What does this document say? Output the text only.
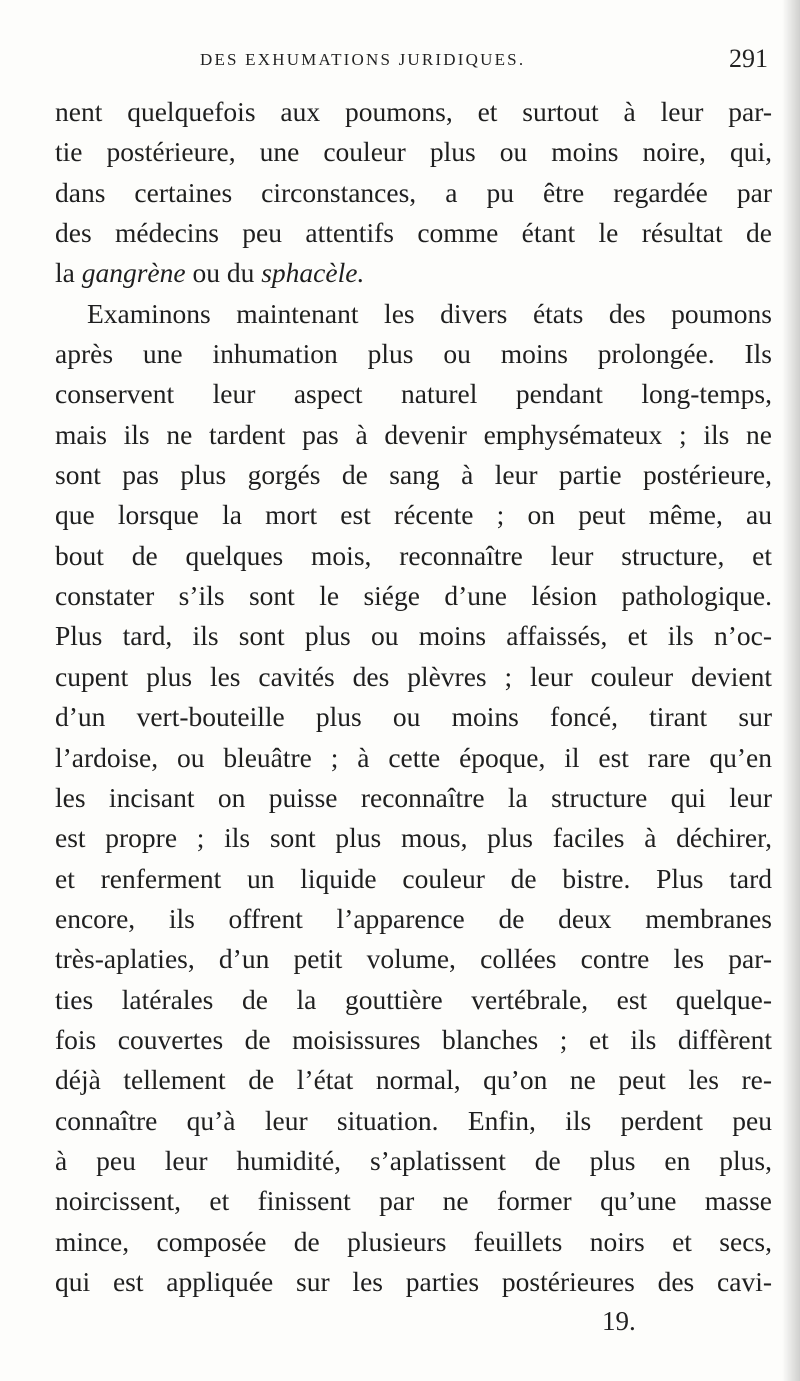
DES EXHUMATIONS JURIDIQUES.	291
nent quelquefois aux poumons, et surtout à leur par-
tie postérieure, une couleur plus ou moins noire, qui,
dans certaines circonstances, a pu être regardée par
des médecins peu attentifs comme étant le résultat de
la gangrène ou du sphacèle.
Examinons maintenant les divers états des poumons
après une inhumation plus ou moins prolongée. Ils
conservent leur aspect naturel pendant long-temps,
mais ils ne tardent pas à devenir emphysémateux ; ils ne
sont pas plus gorgés de sang à leur partie postérieure,
que lorsque la mort est récente ; on peut même, au
bout de quelques mois, reconnaître leur structure, et
constater s’ils sont le siége d’une lésion pathologique.
Plus tard, ils sont plus ou moins affaissés, et ils n’oc-
cupent plus les cavités des plèvres ; leur couleur devient
d’un vert-bouteille plus ou moins foncé, tirant sur
l’ardoise, ou bleuâtre ; à cette époque, il est rare qu’en
les incisant on puisse reconnaître la structure qui leur
est propre ; ils sont plus mous, plus faciles à déchirer,
et renferment un liquide couleur de bistre. Plus tard
encore, ils offrent l’apparence de deux membranes
très-aplaties, d’un petit volume, collées contre les par-
ties latérales de la gouttière vertébrale, est quelque-
fois couvertes de moisissures blanches ; et ils diffèrent
déjà tellement de l’état normal, qu’on ne peut les re-
connaître qu’à leur situation. Enfin, ils perdent peu
à peu leur humidité, s’aplatissent de plus en plus,
noircissent, et finissent par ne former qu’une masse
mince, composée de plusieurs feuillets noirs et secs,
qui est appliquée sur les parties postérieures des cavi-
19.
